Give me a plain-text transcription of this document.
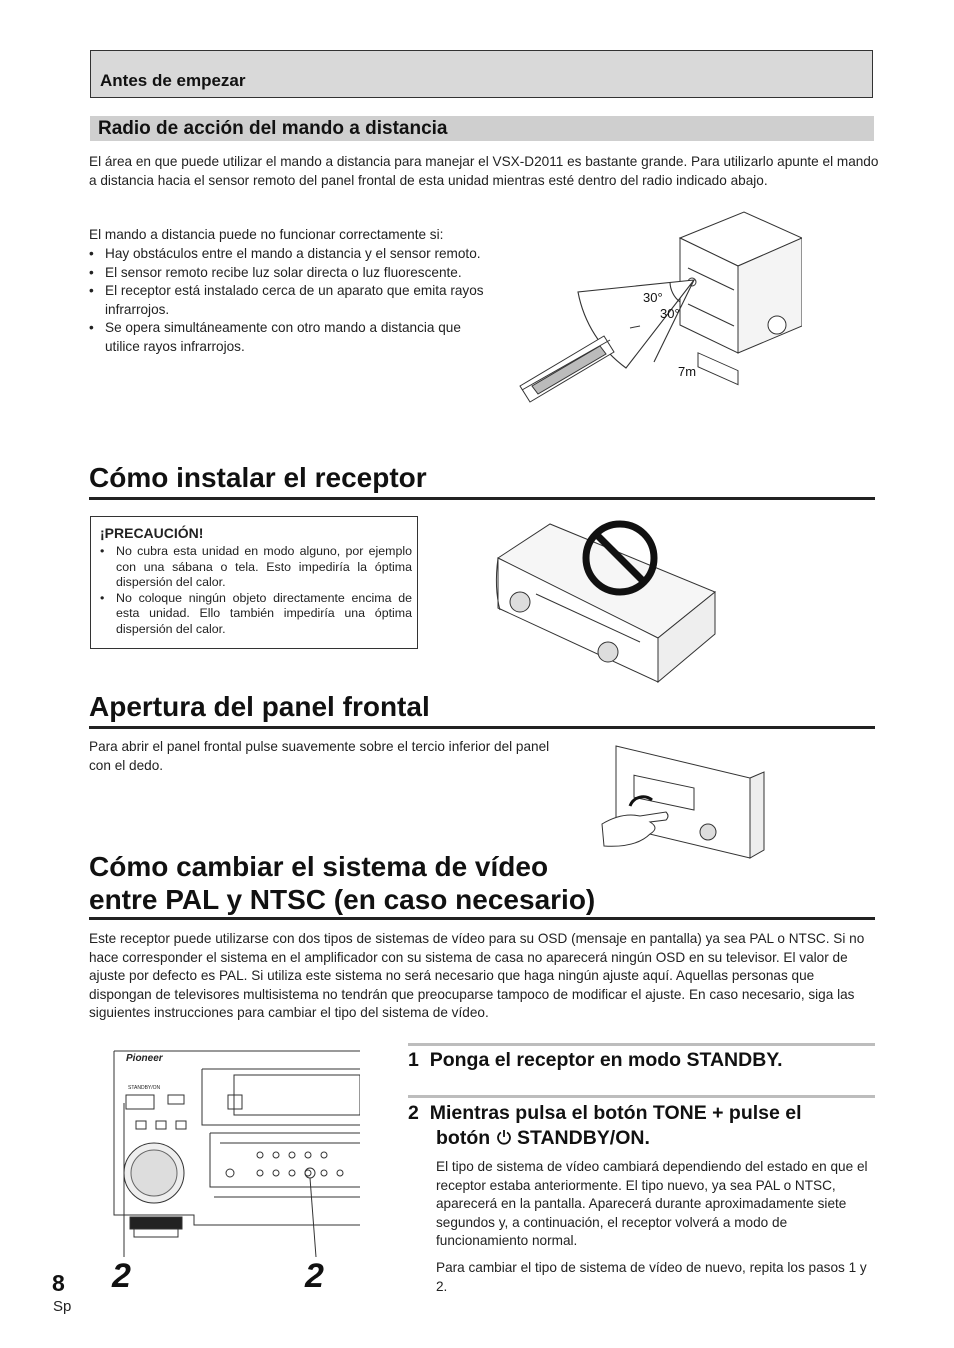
Antes de empezar
Radio de acción del mando a distancia
El área en que puede utilizar el mando a distancia para manejar el VSX-D2011 es bastante grande. Para utilizarlo apunte el mando a distancia hacia el sensor remoto del panel frontal de esta unidad mientras esté dentro del radio indicado abajo.
El mando a distancia puede no funcionar correctamente si:
• Hay obstáculos entre el mando a distancia y el sensor remoto.
• El sensor remoto recibe luz solar directa o luz fluorescente.
• El receptor está instalado cerca de un aparato que emita rayos infrarrojos.
• Se opera simultáneamente con otro mando a distancia que utilice rayos infrarrojos.
30°
30°
7m
Cómo instalar el receptor
¡PRECAUCIÓN!
• No cubra esta unidad en modo alguno, por ejemplo con una sábana o tela. Esto impediría la óptima dispersión del calor.
• No coloque ningún objeto directamente encima de esta unidad. Ello también impediría una óptima dispersión del calor.
Apertura del panel frontal
Para abrir el panel frontal pulse suavemente sobre el tercio inferior del panel con el dedo.
Cómo cambiar el sistema de vídeo
entre PAL y NTSC (en caso necesario)
Este receptor puede utilizarse con dos tipos de sistemas de vídeo para su OSD (mensaje en pantalla) ya sea PAL o NTSC. Si no hace corresponder el sistema en el amplificador con su sistema de casa no aparecerá ningún OSD en su televisor. El valor de ajuste por defecto es PAL. Si utiliza este sistema no será necesario que haga ningún ajuste aquí. Aquellas personas que dispongan de televisores multisistema no tendrán que preocuparse tampoco de modificar el ajuste. En caso necesario, siga las siguientes instrucciones para cambiar el tipo del sistema de vídeo.
Pioneer
STANDBY/ON
2	2
1 Ponga el receptor en modo STANDBY.
2 Mientras pulsa el botón TONE + pulse el
botón STANDBY/ON.
El tipo de sistema de vídeo cambiará dependiendo del estado en que el receptor estaba anteriormente. El tipo nuevo, ya sea PAL o NTSC, aparecerá en la pantalla. Aparecerá durante aproximadamente siete segundos y, a continuación, el receptor volverá a modo de funcionamiento normal.
Para cambiar el tipo de sistema de vídeo de nuevo, repita los pasos 1 y 2.
8
Sp
